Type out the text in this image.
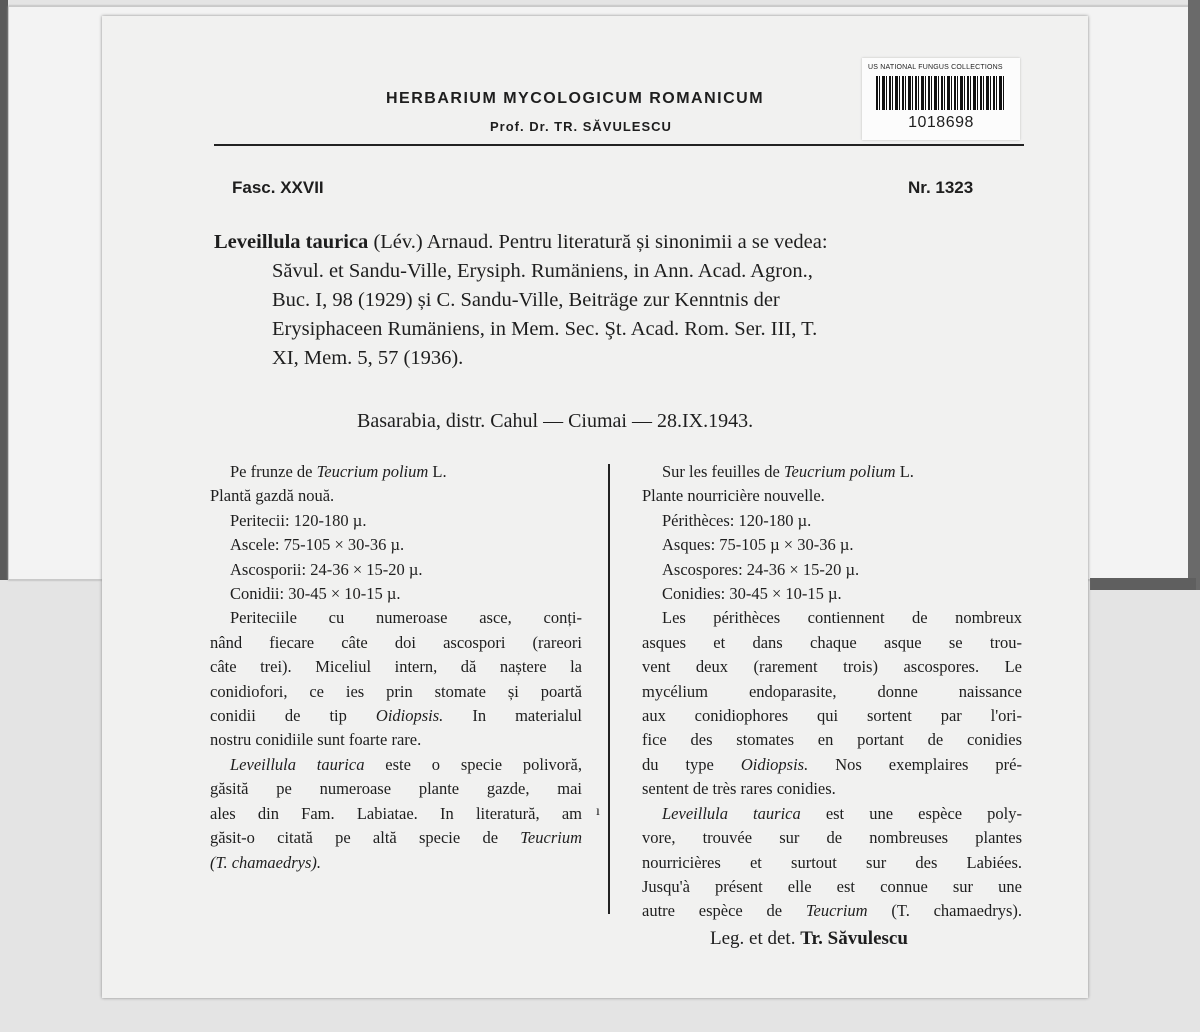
HERBARIUM MYCOLOGICUM ROMANICUM
Prof. Dr. TR. SĂVULESCU
US NATIONAL FUNGUS COLLECTIONS
1018698
Fasc. XXVII	Nr. 1323
Leveillula taurica (Lév.) Arnaud. Pentru literatură și sinonimii a se vedea:
Săvul. et Sandu-Ville, Erysiph. Rumäniens, in Ann. Acad. Agron.,
Buc. I, 98 (1929) și C. Sandu-Ville, Beiträge zur Kenntnis der
Erysiphaceen Rumäniens, in Mem. Sec. Şt. Acad. Rom. Ser. III, T.
XI, Mem. 5, 57 (1936).
Basarabia, distr. Cahul — Ciumai — 28.IX.1943.
ı
Pe frunze de Teucrium polium L.
Plantă gazdă nouă.
Peritecii: 120-180 µ.
Ascele: 75-105 × 30-36 µ.
Ascosporii: 24-36 × 15-20 µ.
Conidii: 30-45 × 10-15 µ.
Periteciile cu numeroase asce, conți-
nând fiecare câte doi ascospori (rareori
câte trei). Miceliul intern, dă naștere la
conidiofori, ce ies prin stomate și poartă
conidii de tip Oidiopsis. In materialul
nostru conidiile sunt foarte rare.
Leveillula taurica este o specie polivoră,
găsită pe numeroase plante gazde, mai
ales din Fam. Labiatae. In literatură, am
găsit-o citată pe altă specie de Teucrium
(T. chamaedrys).
Sur les feuilles de Teucrium polium L.
Plante nourricière nouvelle.
Périthèces: 120-180 µ.
Asques: 75-105 µ × 30-36 µ.
Ascospores: 24-36 × 15-20 µ.
Conidies: 30-45 × 10-15 µ.
Les périthèces contiennent de nombreux
asques et dans chaque asque se trou-
vent deux (rarement trois) ascospores. Le
mycélium endoparasite, donne naissance
aux conidiophores qui sortent par l'ori-
fice des stomates en portant de conidies
du type Oidiopsis. Nos exemplaires pré-
sentent de très rares conidies.
Leveillula taurica est une espèce poly-
vore, trouvée sur de nombreuses plantes
nourricières et surtout sur des Labiées.
Jusqu'à présent elle est connue sur une
autre espèce de Teucrium (T. chamaedrys).
Leg. et det. Tr. Săvulescu
